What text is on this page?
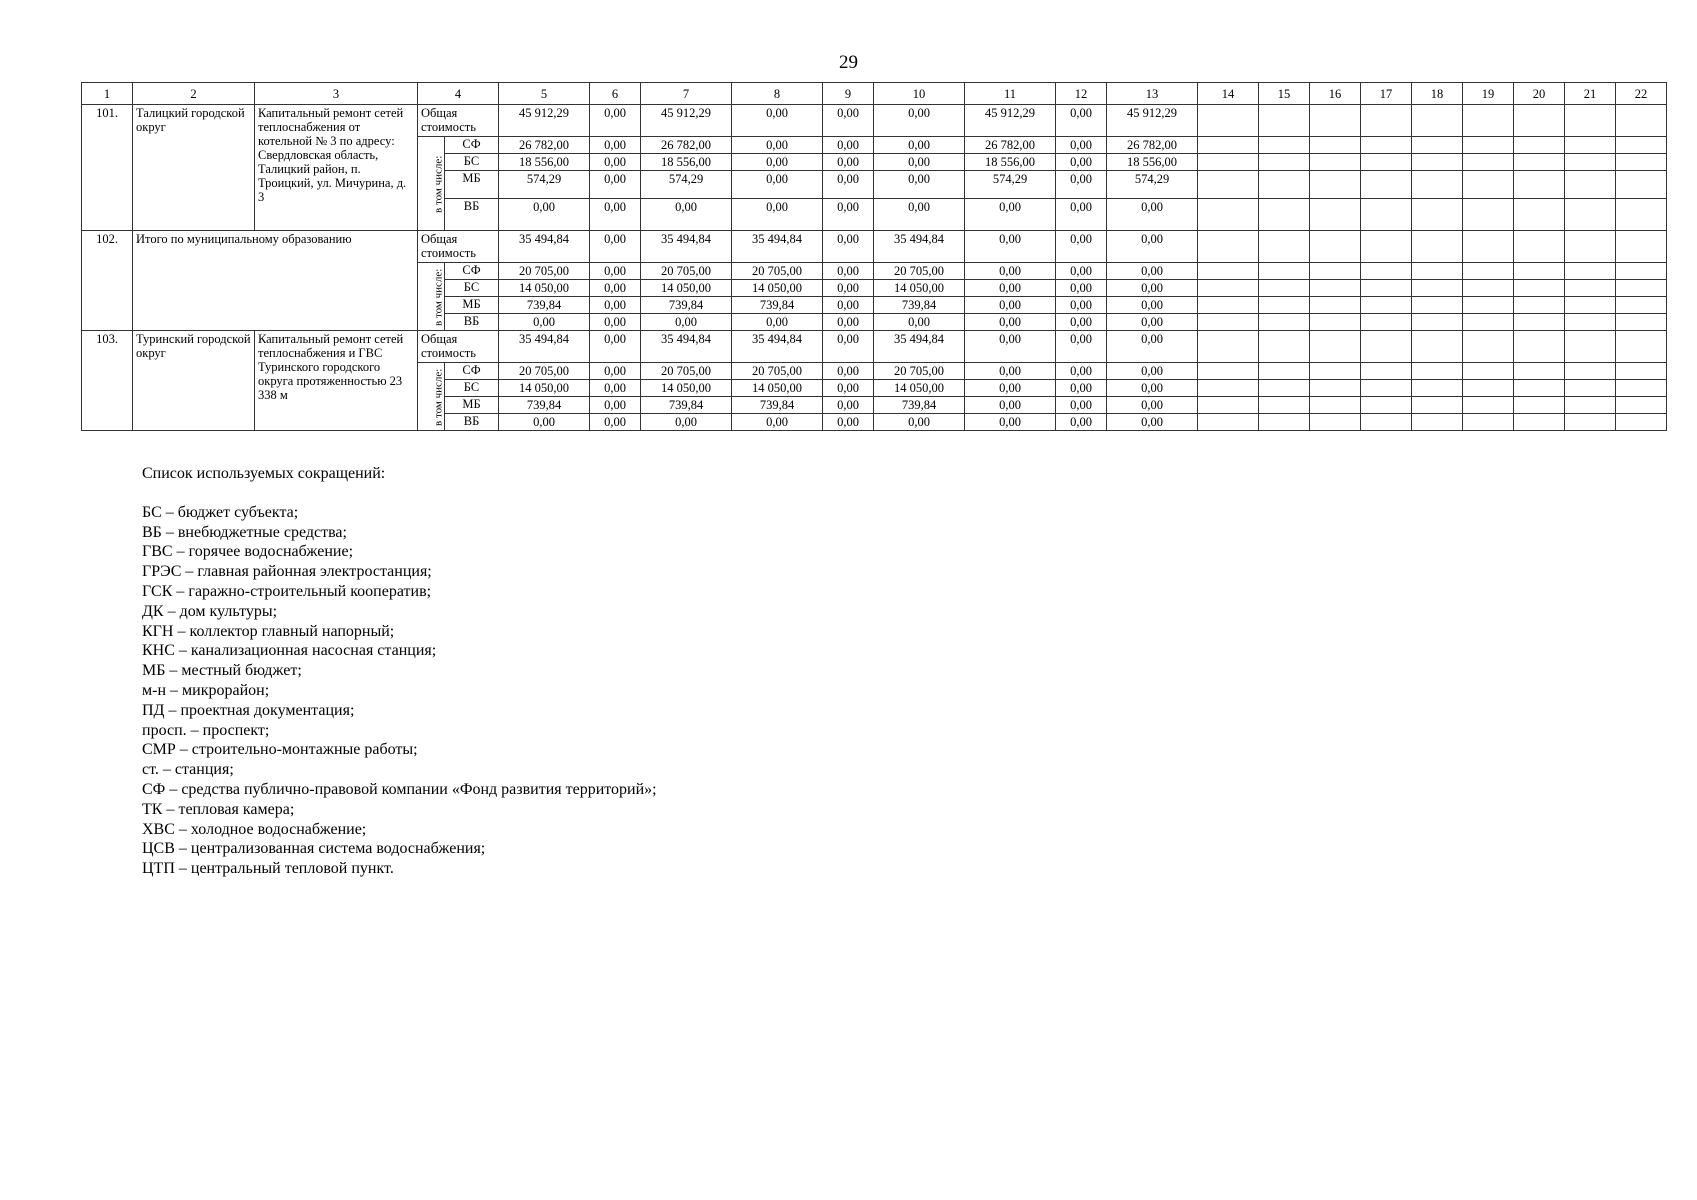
29
1	2	3	4		5	6	7	8	9	10	11	12	13	14	15	16	17	18	19	20	21	22
101.	Талицкий городской округ	Капитальный ремонт сетей теплоснабжения от котельной № 3 по адресу: Свердловская область, Талицкий район, п. Троицкий, ул. Мичурина, д. 3	Общая стоимость		45 912,29	0,00	45 912,29	0,00	0,00	0,00	45 912,29	0,00	45 912,29									
			в том числе:	СФ	26 782,00	0,00	26 782,00	0,00	0,00	0,00	26 782,00	0,00	26 782,00									
				БС	18 556,00	0,00	18 556,00	0,00	0,00	0,00	18 556,00	0,00	18 556,00									
				МБ	574,29	0,00	574,29	0,00	0,00	0,00	574,29	0,00	574,29									
				ВБ	0,00	0,00	0,00	0,00	0,00	0,00	0,00	0,00	0,00									
102.	Итого по муниципальному образованию		Общая стоимость		35 494,84	0,00	35 494,84	35 494,84	0,00	35 494,84	0,00	0,00	0,00									
			в том числе:	СФ	20 705,00	0,00	20 705,00	20 705,00	0,00	20 705,00	0,00	0,00	0,00									
				БС	14 050,00	0,00	14 050,00	14 050,00	0,00	14 050,00	0,00	0,00	0,00									
				МБ	739,84	0,00	739,84	739,84	0,00	739,84	0,00	0,00	0,00									
				ВБ	0,00	0,00	0,00	0,00	0,00	0,00	0,00	0,00	0,00									
103.	Туринский городской округ	Капитальный ремонт сетей теплоснабжения и ГВС Туринского городского округа протяженностью 23 338 м	Общая стоимость		35 494,84	0,00	35 494,84	35 494,84	0,00	35 494,84	0,00	0,00	0,00									
			в том числе:	СФ	20 705,00	0,00	20 705,00	20 705,00	0,00	20 705,00	0,00	0,00	0,00									
				БС	14 050,00	0,00	14 050,00	14 050,00	0,00	14 050,00	0,00	0,00	0,00									
				МБ	739,84	0,00	739,84	739,84	0,00	739,84	0,00	0,00	0,00									
				ВБ	0,00	0,00	0,00	0,00	0,00	0,00	0,00	0,00	0,00									
Список используемых сокращений:
БС – бюджет субъекта;
ВБ – внебюджетные средства;
ГВС – горячее водоснабжение;
ГРЭС – главная районная электростанция;
ГСК – гаражно-строительный кооператив;
ДК – дом культуры;
КГН – коллектор главный напорный;
КНС – канализационная насосная станция;
МБ – местный бюджет;
м-н – микрорайон;
ПД – проектная документация;
просп. – проспект;
СМР – строительно-монтажные работы;
ст. – станция;
СФ – средства публично-правовой компании «Фонд развития территорий»;
ТК – тепловая камера;
ХВС – холодное водоснабжение;
ЦСВ – централизованная система водоснабжения;
ЦТП – центральный тепловой пункт.
